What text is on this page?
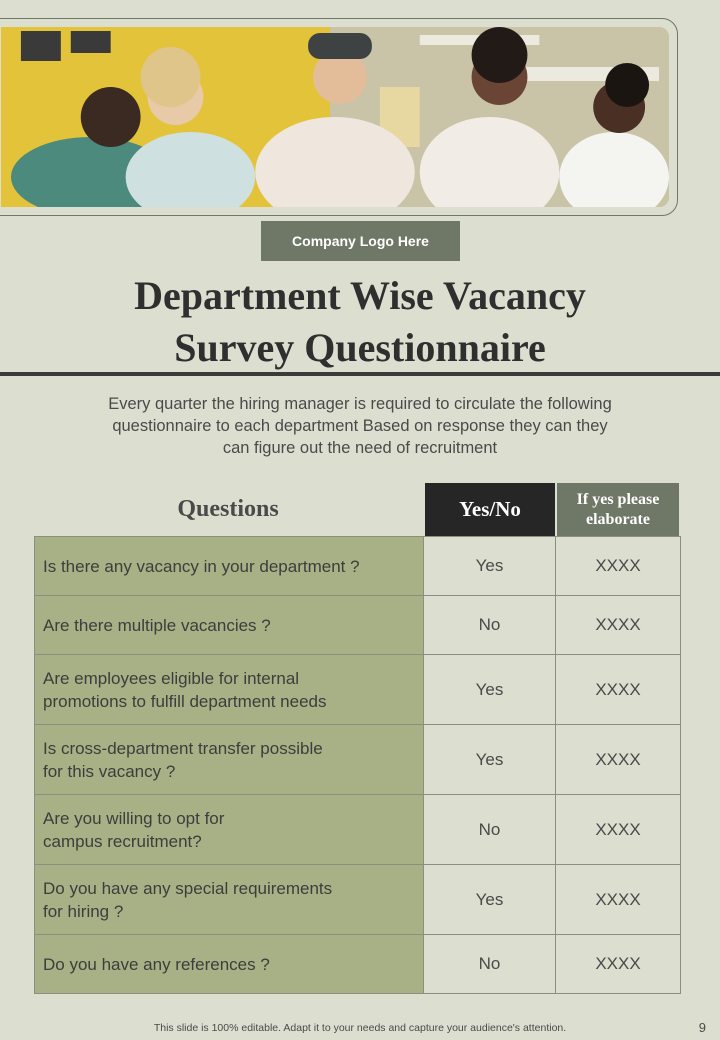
Company Logo Here
Department Wise Vacancy
Survey Questionnaire
Every quarter the hiring manager is required to circulate the following
questionnaire to each department Based on response they can they
can figure out the need of recruitment
Questions	Yes/No	If yes please elaborate
Is there any vacancy in your department ?	Yes	XXXX
Are there multiple vacancies ?	No	XXXX
Are employees eligible for internal
promotions to fulfill department needs
Yes	XXXX
Is cross-department transfer possible
for this vacancy ?
Yes	XXXX
Are you willing to opt for
campus recruitment?
No	XXXX
Do you have any special requirements
for hiring ?
Yes	XXXX
Do you have any references ?	No	XXXX
This slide is 100% editable. Adapt it to your needs and capture your audience's attention.	9
